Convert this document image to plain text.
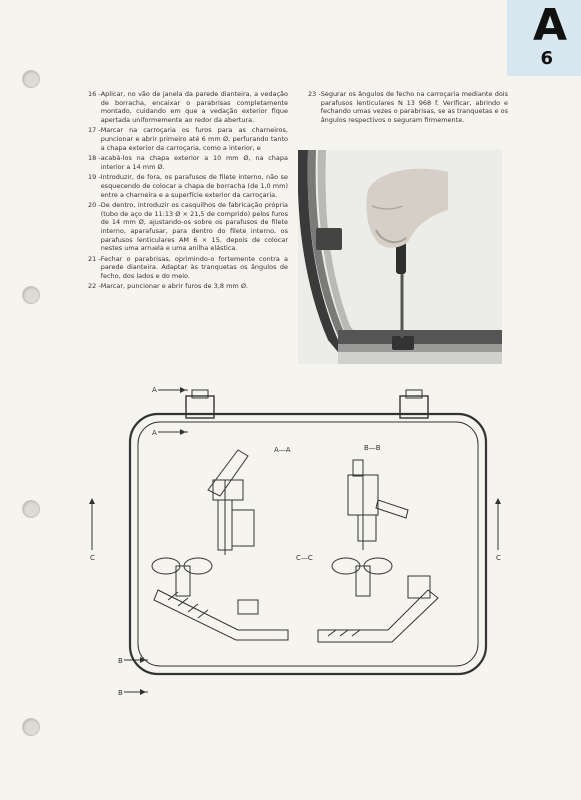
A
6
16 - Aplicar, no vão de janela da parede dianteira, a vedação de borracha, encaixar o parabrisas completamente montado, cuidando em que a vedação exterior fique apertada uniformemente ao redor da abertura.
17 - Marcar na carroçaria os furos para as charneiros, puncionar e abrir primeiro até 6 mm Ø, perfurando tanto a chapa exterior da carroçaria, como a interior, e
18 - acabá-los na chapa exterior a 10 mm Ø, na chapa interior a 14 mm Ø.
19 - Introduzir, de fora, os parafusos de filete interno, não se esquecendo de colocar a chapa de borracha (de 1,0 mm) entre a charneira e a superfície exterior da carroçaria.
20 - De dentro, introduzir os casquilhos de fabricação própria (tubo de aço de 11:13 Ø × 21,5 de comprido) pelos furos de 14 mm Ø, ajustando-os sobre os parafusos de filete interno, aparafusar, para dentro do filete interno, os parafusos lenticulares AM 6 × 15, depois de colocar nestes uma arruela e uma anilha elástica.
21 - Fechar o parabrisas, oprimindo-o fortemente contra a parede dianteira. Adaptar às tranquetas os ângulos de fecho, dos lados e do meio.
22 - Marcar, puncionar e abrir furos de 3,8 mm Ø.
23 - Segurar os ângulos de fecho na carroçaria mediante dois parafusos lenticulares N 13 968 f. Verificar, abrindo e fechando umas vezes o parabrisas, se as tranquetas e os ângulos respectivos o seguram firmemente.
A
A
C	C
B
B
A—A	B—B
C—C
